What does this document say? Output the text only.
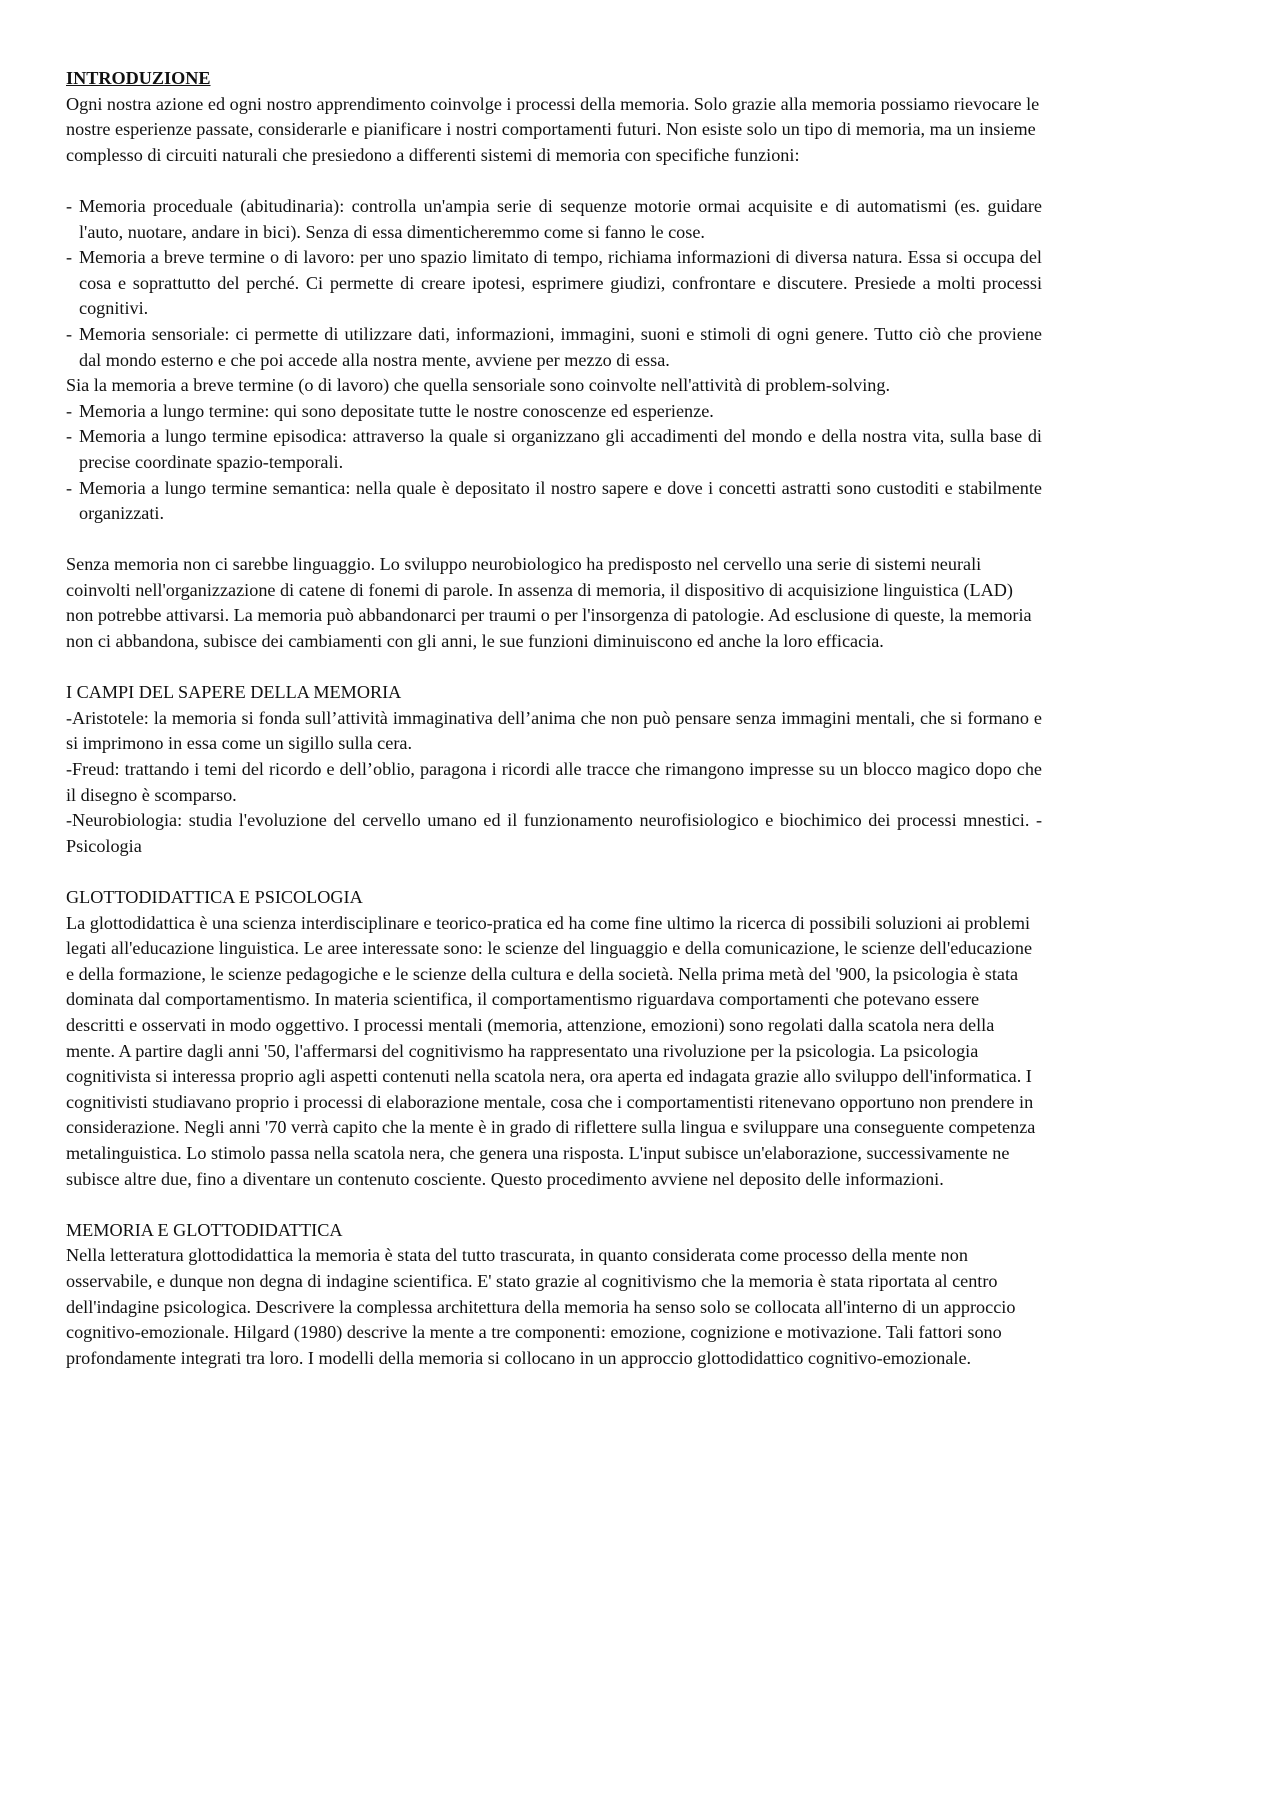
INTRODUZIONE

Ogni nostra azione ed ogni nostro apprendimento coinvolge i processi della memoria. Solo grazie alla memoria possiamo rievocare le nostre esperienze passate, considerarle e pianificare i nostri comportamenti futuri. Non esiste solo un tipo di memoria, ma un insieme complesso di circuiti naturali che presiedono a differenti sistemi di memoria con specifiche funzioni:

- Memoria proceduale (abitudinaria): controlla un'ampia serie di sequenze motorie ormai acquisite e di automatismi (es. guidare l'auto, nuotare, andare in bici). Senza di essa dimenticheremmo come si fanno le cose.
- Memoria a breve termine o di lavoro: per uno spazio limitato di tempo, richiama informazioni di diversa natura. Essa si occupa del cosa e soprattutto del perché. Ci permette di creare ipotesi, esprimere giudizi, confrontare e discutere. Presiede a molti processi cognitivi.
- Memoria sensoriale: ci permette di utilizzare dati, informazioni, immagini, suoni e stimoli di ogni genere. Tutto ciò che proviene dal mondo esterno e che poi accede alla nostra mente, avviene per mezzo di essa.

Sia la memoria a breve termine (o di lavoro) che quella sensoriale sono coinvolte nell'attività di problem-solving.

- Memoria a lungo termine: qui sono depositate tutte le nostre conoscenze ed esperienze.
- Memoria a lungo termine episodica: attraverso la quale si organizzano gli accadimenti del mondo e della nostra vita, sulla base di precise coordinate spazio-temporali.
- Memoria a lungo termine semantica: nella quale è depositato il nostro sapere e dove i concetti astratti sono custoditi e stabilmente organizzati.

Senza memoria non ci sarebbe linguaggio. Lo sviluppo neurobiologico ha predisposto nel cervello una serie di sistemi neurali coinvolti nell'organizzazione di catene di fonemi di parole. In assenza di memoria, il dispositivo di acquisizione linguistica (LAD) non potrebbe attivarsi. La memoria può abbandonarci per traumi o per l'insorgenza di patologie. Ad esclusione di queste, la memoria non ci abbandona, subisce dei cambiamenti con gli anni, le sue funzioni diminuiscono ed anche la loro efficacia.

I CAMPI DEL SAPERE DELLA MEMORIA

-Aristotele: la memoria si fonda sull’attività immaginativa dell’anima che non può pensare senza immagini mentali, che si formano e si imprimono in essa come un sigillo sulla cera.

-Freud: trattando i temi del ricordo e dell’oblio, paragona i ricordi alle tracce che rimangono impresse su un blocco magico dopo che il disegno è scomparso.

-Neurobiologia: studia l'evoluzione del cervello umano ed il funzionamento neurofisiologico e biochimico dei processi mnestici. -Psicologia

GLOTTODIDATTICA E PSICOLOGIA

La glottodidattica è una scienza interdisciplinare e teorico-pratica ed ha come fine ultimo la ricerca di possibili soluzioni ai problemi legati all'educazione linguistica. Le aree interessate sono: le scienze del linguaggio e della comunicazione, le scienze dell'educazione e della formazione, le scienze pedagogiche e le scienze della cultura e della società. Nella prima metà del '900, la psicologia è stata dominata dal comportamentismo. In materia scientifica, il comportamentismo riguardava comportamenti che potevano essere descritti e osservati in modo oggettivo. I processi mentali (memoria, attenzione, emozioni) sono regolati dalla scatola nera della mente. A partire dagli anni '50, l'affermarsi del cognitivismo ha rappresentato una rivoluzione per la psicologia. La psicologia cognitivista si interessa proprio agli aspetti contenuti nella scatola nera, ora aperta ed indagata grazie allo sviluppo dell'informatica. I cognitivisti studiavano proprio i processi di elaborazione mentale, cosa che i comportamentisti ritenevano opportuno non prendere in considerazione. Negli anni '70 verrà capito che la mente è in grado di riflettere sulla lingua e sviluppare una conseguente competenza metalinguistica. Lo stimolo passa nella scatola nera, che genera una risposta. L'input subisce un'elaborazione, successivamente ne subisce altre due, fino a diventare un contenuto cosciente. Questo procedimento avviene nel deposito delle informazioni.

MEMORIA E GLOTTODIDATTICA

Nella letteratura glottodidattica la memoria è stata del tutto trascurata, in quanto considerata come processo della mente non osservabile, e dunque non degna di indagine scientifica. E' stato grazie al cognitivismo che la memoria è stata riportata al centro dell'indagine psicologica. Descrivere la complessa architettura della memoria ha senso solo se collocata all'interno di un approccio cognitivo-emozionale. Hilgard (1980) descrive la mente a tre componenti: emozione, cognizione e motivazione. Tali fattori sono profondamente integrati tra loro. I modelli della memoria si collocano in un approccio glottodidattico cognitivo-emozionale.
